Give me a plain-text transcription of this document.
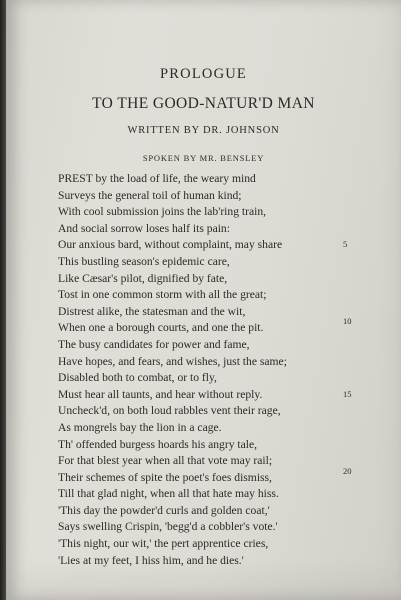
PROLOGUE
TO THE GOOD-NATUR'D MAN
WRITTEN BY DR. JOHNSON
SPOKEN BY MR. BENSLEY
PREST by the load of life, the weary mind
Surveys the general toil of human kind;
With cool submission joins the lab'ring train,
And social sorrow loses half its pain:
Our anxious bard, without complaint, may share
This bustling season's epidemic care,
Like Cæsar's pilot, dignified by fate,
Tost in one common storm with all the great;
Distrest alike, the statesman and the wit,
When one a borough courts, and one the pit.
The busy candidates for power and fame,
Have hopes, and fears, and wishes, just the same;
Disabled both to combat, or to fly,
Must hear all taunts, and hear without reply.
Uncheck'd, on both loud rabbles vent their rage,
As mongrels bay the lion in a cage.
Th' offended burgess hoards his angry tale,
For that blest year when all that vote may rail;
Their schemes of spite the poet's foes dismiss,
Till that glad night, when all that hate may hiss.
'This day the powder'd curls and golden coat,'
Says swelling Crispin, 'begg'd a cobbler's vote.'
'This night, our wit,' the pert apprentice cries,
'Lies at my feet, I hiss him, and he dies.'
5
10
15
20
